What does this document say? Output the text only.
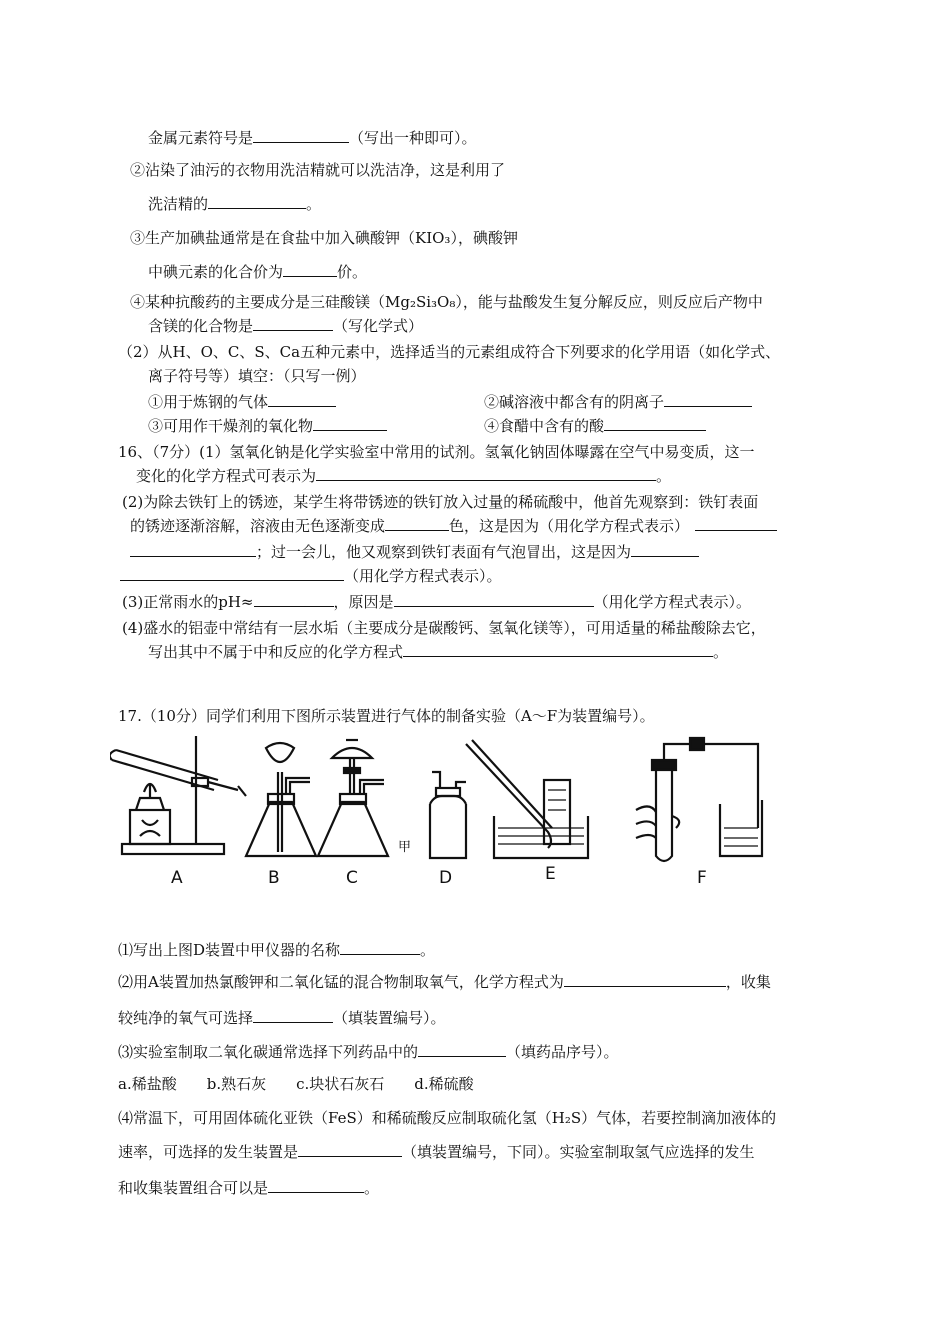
金属元素符号是	（写出一种即可）。
②沾染了油污的衣物用洗洁精就可以洗洁净，这是利用了
洗洁精的	。
③生产加碘盐通常是在食盐中加入碘酸钾（KIO₃），碘酸钾
中碘元素的化合价为	价。
④某种抗酸药的主要成分是三硅酸镁（Mg₂Si₃O₈），能与盐酸发生复分解反应，则反应后产物中
含镁的化合物是	（写化学式）
（2）从H、O、C、S、Ca五种元素中，选择适当的元素组成符合下列要求的化学用语（如化学式、
离子符号等）填空：（只写一例）
①用于炼钢的气体	②碱溶液中都含有的阴离子
③可用作干燥剂的氧化物	④食醋中含有的酸
16、（7分）(1）氢氧化钠是化学实验室中常用的试剂。氢氧化钠固体曝露在空气中易变质，这一
变化的化学方程式可表示为	。
(2)为除去铁钉上的锈迹，某学生将带锈迹的铁钉放入过量的稀硫酸中，他首先观察到：铁钉表面
的锈迹逐渐溶解，溶液由无色逐渐变成	色，这是因为（用化学方程式表示）
；过一会儿，他又观察到铁钉表面有气泡冒出，这是因为
（用化学方程式表示）。
(3)正常雨水的pH≈	，原因是	（用化学方程式表示）。
(4)盛水的铝壶中常结有一层水垢（主要成分是碳酸钙、氢氧化镁等），可用适量的稀盐酸除去它，
写出其中不属于中和反应的化学方程式	。
17.（10分）同学们利用下图所示装置进行气体的制备实验（A～F为装置编号）。
A	B	C	D	E	F
甲
⑴写出上图D装置中甲仪器的名称	。
⑵用A装置加热氯酸钾和二氧化锰的混合物制取氧气，化学方程式为	，收集
较纯净的氧气可选择	（填装置编号）。
⑶实验室制取二氧化碳通常选择下列药品中的	（填药品序号）。
a.稀盐酸　　b.熟石灰　　c.块状石灰石　　d.稀硫酸
⑷常温下，可用固体硫化亚铁（FeS）和稀硫酸反应制取硫化氢（H₂S）气体，若要控制滴加液体的
速率，可选择的发生装置是	（填装置编号，下同）。实验室制取氢气应选择的发生
和收集装置组合可以是	。
